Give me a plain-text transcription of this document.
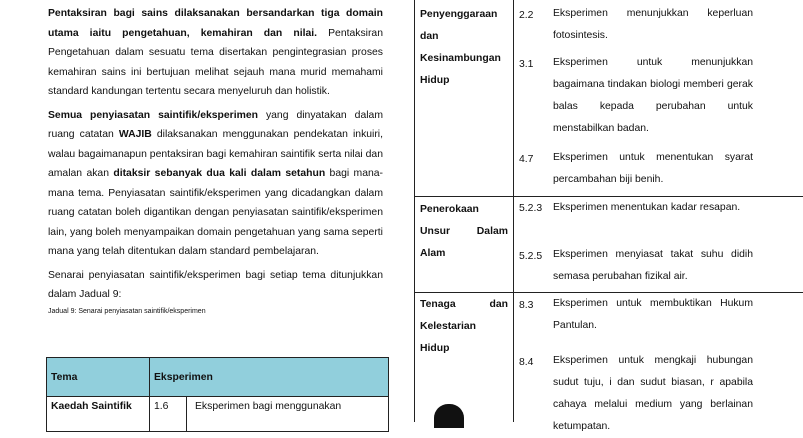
Pentaksiran bagi sains dilaksanakan bersandarkan tiga domain utama iaitu pengetahuan, kemahiran dan nilai. Pentaksiran Pengetahuan dalam sesuatu tema disertakan pengintegrasian proses kemahiran sains ini bertujuan melihat sejauh mana murid memahami standard kandungan tertentu secara menyeluruh dan holistik.

Semua penyiasatan saintifik/eksperimen yang dinyatakan dalam ruang catatan WAJIB dilaksanakan menggunakan pendekatan inkuiri, walau bagaimanapun pentaksiran bagi kemahiran saintifik serta nilai dan amalan akan ditaksir sebanyak dua kali dalam setahun bagi mana-mana tema. Penyiasatan saintifik/eksperimen yang dicadangkan dalam ruang catatan boleh digantikan dengan penyiasatan saintifik/eksperimen lain, yang boleh menyampaikan domain pengetahuan yang sama seperti mana yang telah ditentukan dalam standard pembelajaran.

Senarai penyiasatan saintifik/eksperimen bagi setiap tema ditunjukkan dalam Jadual 9:

Jadual 9: Senarai penyiasatan saintifik/eksperimen
Tema	Eksperimen	
Kaedah Saintifik	1.6	Eksperimen bagi menggunakan
Penyenggaraan dan Kesinambungan Hidup
2.2 Eksperimen menunjukkan keperluan fotosintesis.
3.1 Eksperimen untuk menunjukkan bagaimana tindakan biologi memberi gerak balas kepada perubahan untuk menstabilkan badan.
4.7 Eksperimen untuk menentukan syarat percambahan biji benih.
Penerokaan Unsur Dalam Alam
5.2.3 Eksperimen menentukan kadar resapan.
5.2.5 Eksperimen menyiasat takat suhu didih semasa perubahan fizikal air.
Tenaga dan Kelestarian Hidup
8.3 Eksperimen untuk membuktikan Hukum Pantulan.
8.4 Eksperimen untuk mengkaji hubungan sudut tuju, i dan sudut biasan, r apabila cahaya melalui medium yang berlainan ketumpatan.
